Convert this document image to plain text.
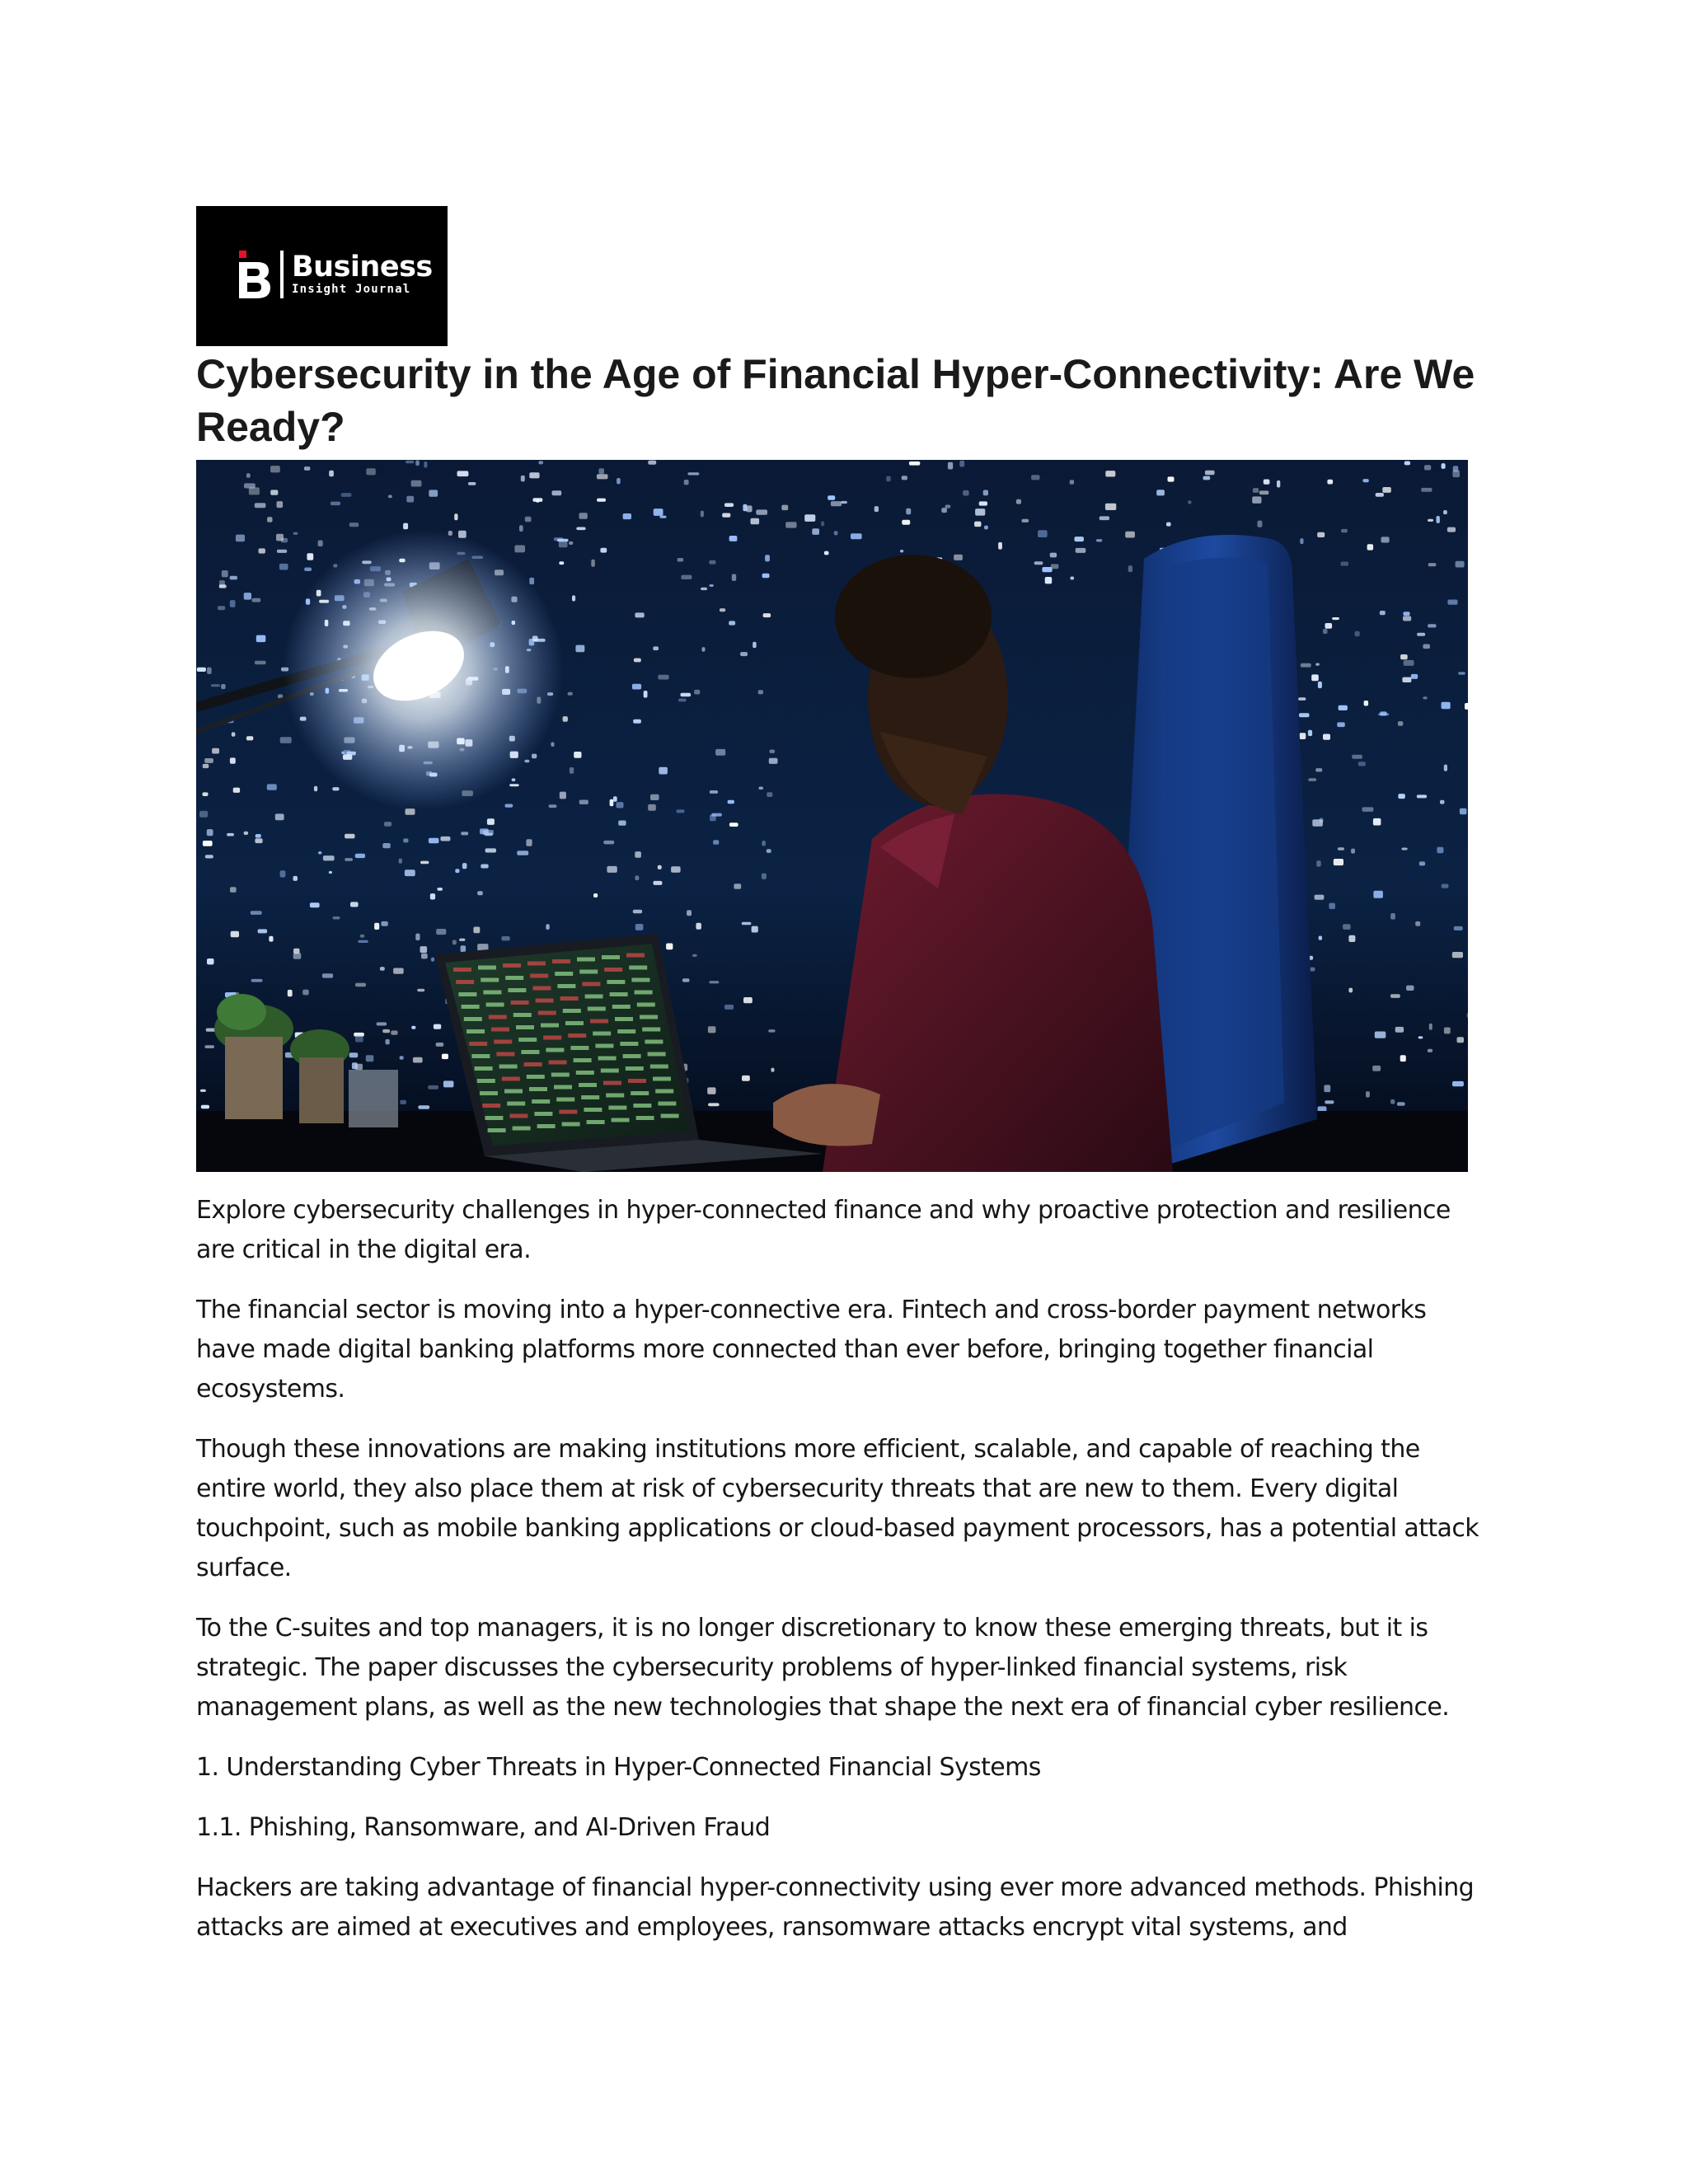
Business
Insight Journal
Cybersecurity in the Age of Financial Hyper-Connectivity: Are We Ready?

Explore cybersecurity challenges in hyper-connected finance and why proactive protection and resilience are critical in the digital era.

The financial sector is moving into a hyper-connective era. Fintech and cross-border payment networks have made digital banking platforms more connected than ever before, bringing together financial ecosystems.

Though these innovations are making institutions more efficient, scalable, and capable of reaching the entire world, they also place them at risk of cybersecurity threats that are new to them. Every digital touchpoint, such as mobile banking applications or cloud-based payment processors, has a potential attack surface.

To the C-suites and top managers, it is no longer discretionary to know these emerging threats, but it is strategic. The paper discusses the cybersecurity problems of hyper-linked financial systems, risk management plans, as well as the new technologies that shape the next era of financial cyber resilience.

1. Understanding Cyber Threats in Hyper-Connected Financial Systems

1.1. Phishing, Ransomware, and AI-Driven Fraud

Hackers are taking advantage of financial hyper-connectivity using ever more advanced methods. Phishing attacks are aimed at executives and employees, ransomware attacks encrypt vital systems, and
